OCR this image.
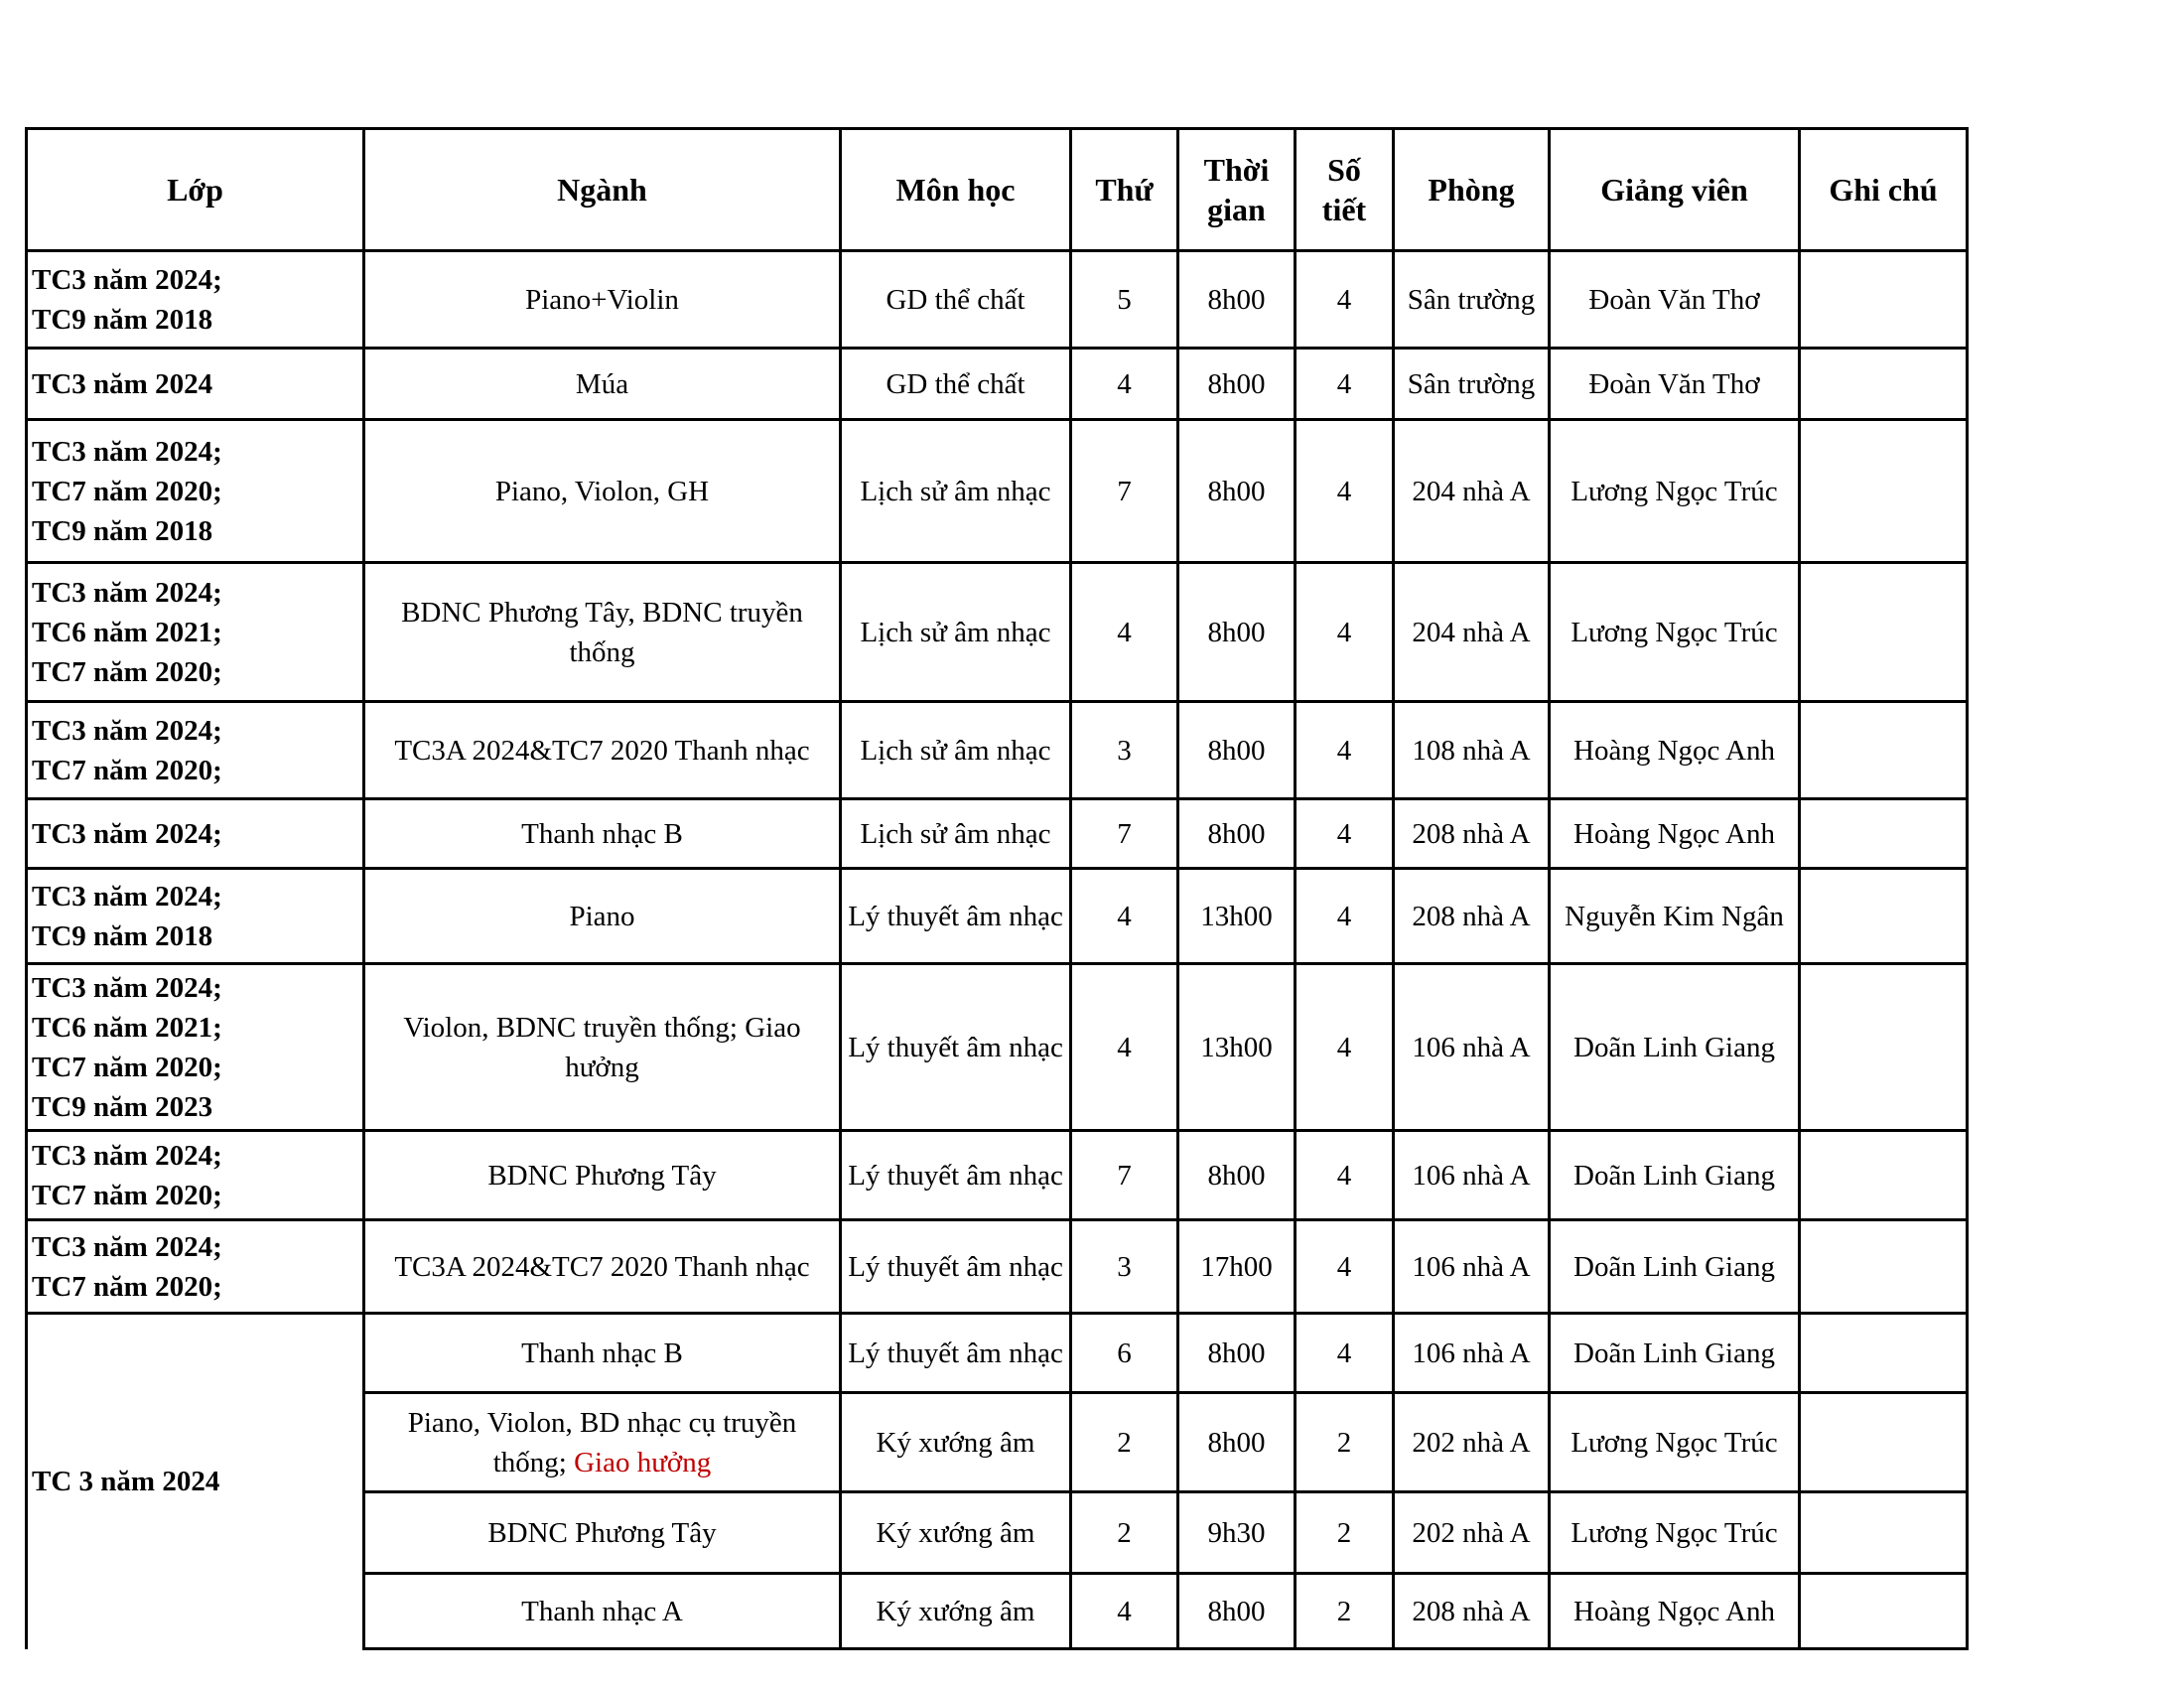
Lớp	Ngành	Môn học	Thứ	Thời gian	Số tiết	Phòng	Giảng viên	Ghi chú

TC3 năm 2024;
TC9 năm 2018	Piano+Violin	GD thể chất	5	8h00	4	Sân trường	Đoàn Văn Thơ	

TC3 năm 2024	Múa	GD thể chất	4	8h00	4	Sân trường	Đoàn Văn Thơ	

TC3 năm 2024;
TC7 năm 2020;
TC9 năm 2018	Piano, Violon, GH	Lịch sử âm nhạc	7	8h00	4	204 nhà A	Lương Ngọc Trúc	

TC3 năm 2024;
TC6 năm 2021;
TC7 năm 2020;	BDNC Phương Tây, BDNC truyền thống	Lịch sử âm nhạc	4	8h00	4	204 nhà A	Lương Ngọc Trúc	

TC3 năm 2024;
TC7 năm 2020;	TC3A 2024&TC7 2020 Thanh nhạc	Lịch sử âm nhạc	3	8h00	4	108 nhà A	Hoàng Ngọc Anh	

TC3 năm 2024;	Thanh nhạc B	Lịch sử âm nhạc	7	8h00	4	208 nhà A	Hoàng Ngọc Anh	

TC3 năm 2024;
TC9 năm 2018	Piano	Lý thuyết âm nhạc	4	13h00	4	208 nhà A	Nguyễn Kim Ngân	

TC3 năm 2024;
TC6 năm 2021;
TC7 năm 2020;
TC9 năm 2023	Violon, BDNC truyền thống; Giao hưởng	Lý thuyết âm nhạc	4	13h00	4	106 nhà A	Doãn Linh Giang	

TC3 năm 2024;
TC7 năm 2020;	BDNC Phương Tây	Lý thuyết âm nhạc	7	8h00	4	106 nhà A	Doãn Linh Giang	

TC3 năm 2024;
TC7 năm 2020;	TC3A 2024&TC7 2020 Thanh nhạc	Lý thuyết âm nhạc	3	17h00	4	106 nhà A	Doãn Linh Giang	
TC 3 năm 2024	Thanh nhạc B	Lý thuyết âm nhạc	6	8h00	4	106 nhà A	Doãn Linh Giang	
	Piano, Violon, BD nhạc cụ truyền thống; Giao hưởng	Ký xướng âm	2	8h00	2	202 nhà A	Lương Ngọc Trúc	
	BDNC Phương Tây	Ký xướng âm	2	9h30	2	202 nhà A	Lương Ngọc Trúc	
	Thanh nhạc A	Ký xướng âm	4	8h00	2	208 nhà A	Hoàng Ngọc Anh	
